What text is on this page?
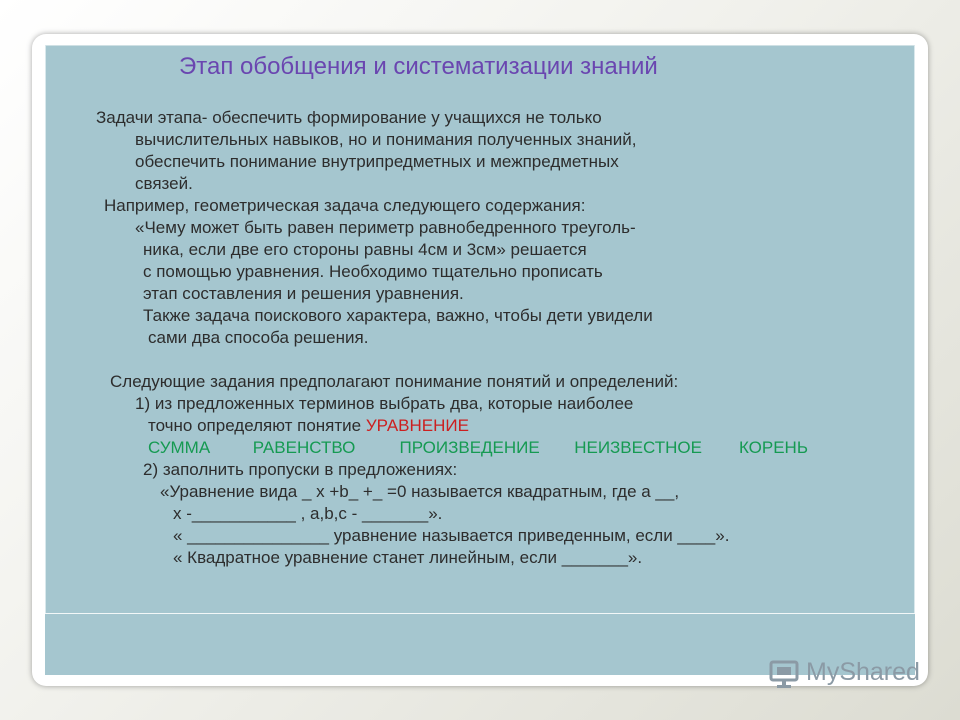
Этап обобщения и систематизации знаний
Задачи этапа- обеспечить формирование у учащихся не только
вычислительных навыков, но и понимания полученных знаний,
обеспечить понимание внутрипредметных и межпредметных
связей.
Например, геометрическая задача следующего содержания:
«Чему может быть равен периметр равнобедренного треуголь-
ника, если две его стороны равны 4см и 3см» решается
с помощью уравнения. Необходимо тщательно прописать
этап составления и решения уравнения.
Также задача поискового характера, важно, чтобы дети увидели
сами два способа решения.
Следующие задания предполагают понимание понятий и определений:
1) из предложенных терминов выбрать два, которые наиболее
точно определяют понятие УРАВНЕНИЕ
СУММА	РАВЕНСТВО	ПРОИЗВЕДЕНИЕ НЕИЗВЕСТНОЕ КОРЕНЬ
2) заполнить пропуски в предложениях:
«Уравнение вида _ х +b_ +_ =0 называется квадратным, где а __,
х -___________ , а,b,с - _______».
« _______________ уравнение называется приведенным, если ____».
« Квадратное уравнение станет линейным, если _______».
MyShared
